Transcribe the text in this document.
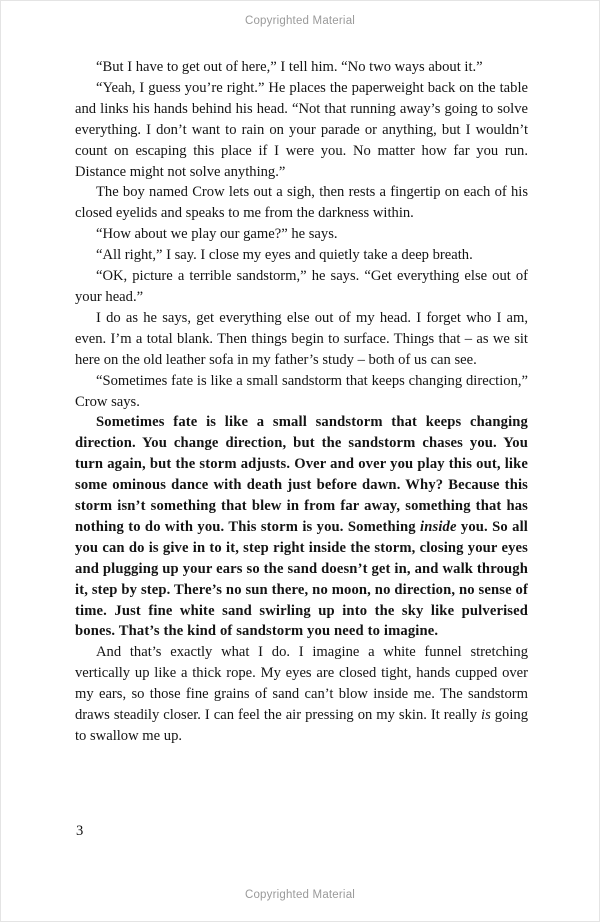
Copyrighted Material

“But I have to get out of here,” I tell him. “No two ways about it.”

“Yeah, I guess you’re right.” He places the paperweight back on the table and links his hands behind his head. “Not that running away’s going to solve everything. I don’t want to rain on your parade or anything, but I wouldn’t count on escaping this place if I were you. No matter how far you run. Distance might not solve anything.”

The boy named Crow lets out a sigh, then rests a fingertip on each of his closed eyelids and speaks to me from the darkness within.

“How about we play our game?” he says.

“All right,” I say. I close my eyes and quietly take a deep breath.

“OK, picture a terrible sandstorm,” he says. “Get everything else out of your head.”

I do as he says, get everything else out of my head. I forget who I am, even. I’m a total blank. Then things begin to surface. Things that – as we sit here on the old leather sofa in my father’s study – both of us can see.

“Sometimes fate is like a small sandstorm that keeps changing direction,” Crow says.

Sometimes fate is like a small sandstorm that keeps changing direction. You change direction, but the sandstorm chases you. You turn again, but the storm adjusts. Over and over you play this out, like some ominous dance with death just before dawn. Why? Because this storm isn’t something that blew in from far away, something that has nothing to do with you. This storm is you. Something inside you. So all you can do is give in to it, step right inside the storm, closing your eyes and plugging up your ears so the sand doesn’t get in, and walk through it, step by step. There’s no sun there, no moon, no direction, no sense of time. Just fine white sand swirling up into the sky like pulverised bones. That’s the kind of sandstorm you need to imagine.

And that’s exactly what I do. I imagine a white funnel stretching vertically up like a thick rope. My eyes are closed tight, hands cupped over my ears, so those fine grains of sand can’t blow inside me. The sandstorm draws steadily closer. I can feel the air pressing on my skin. It really is going to swallow me up.

3
Copyrighted Material
